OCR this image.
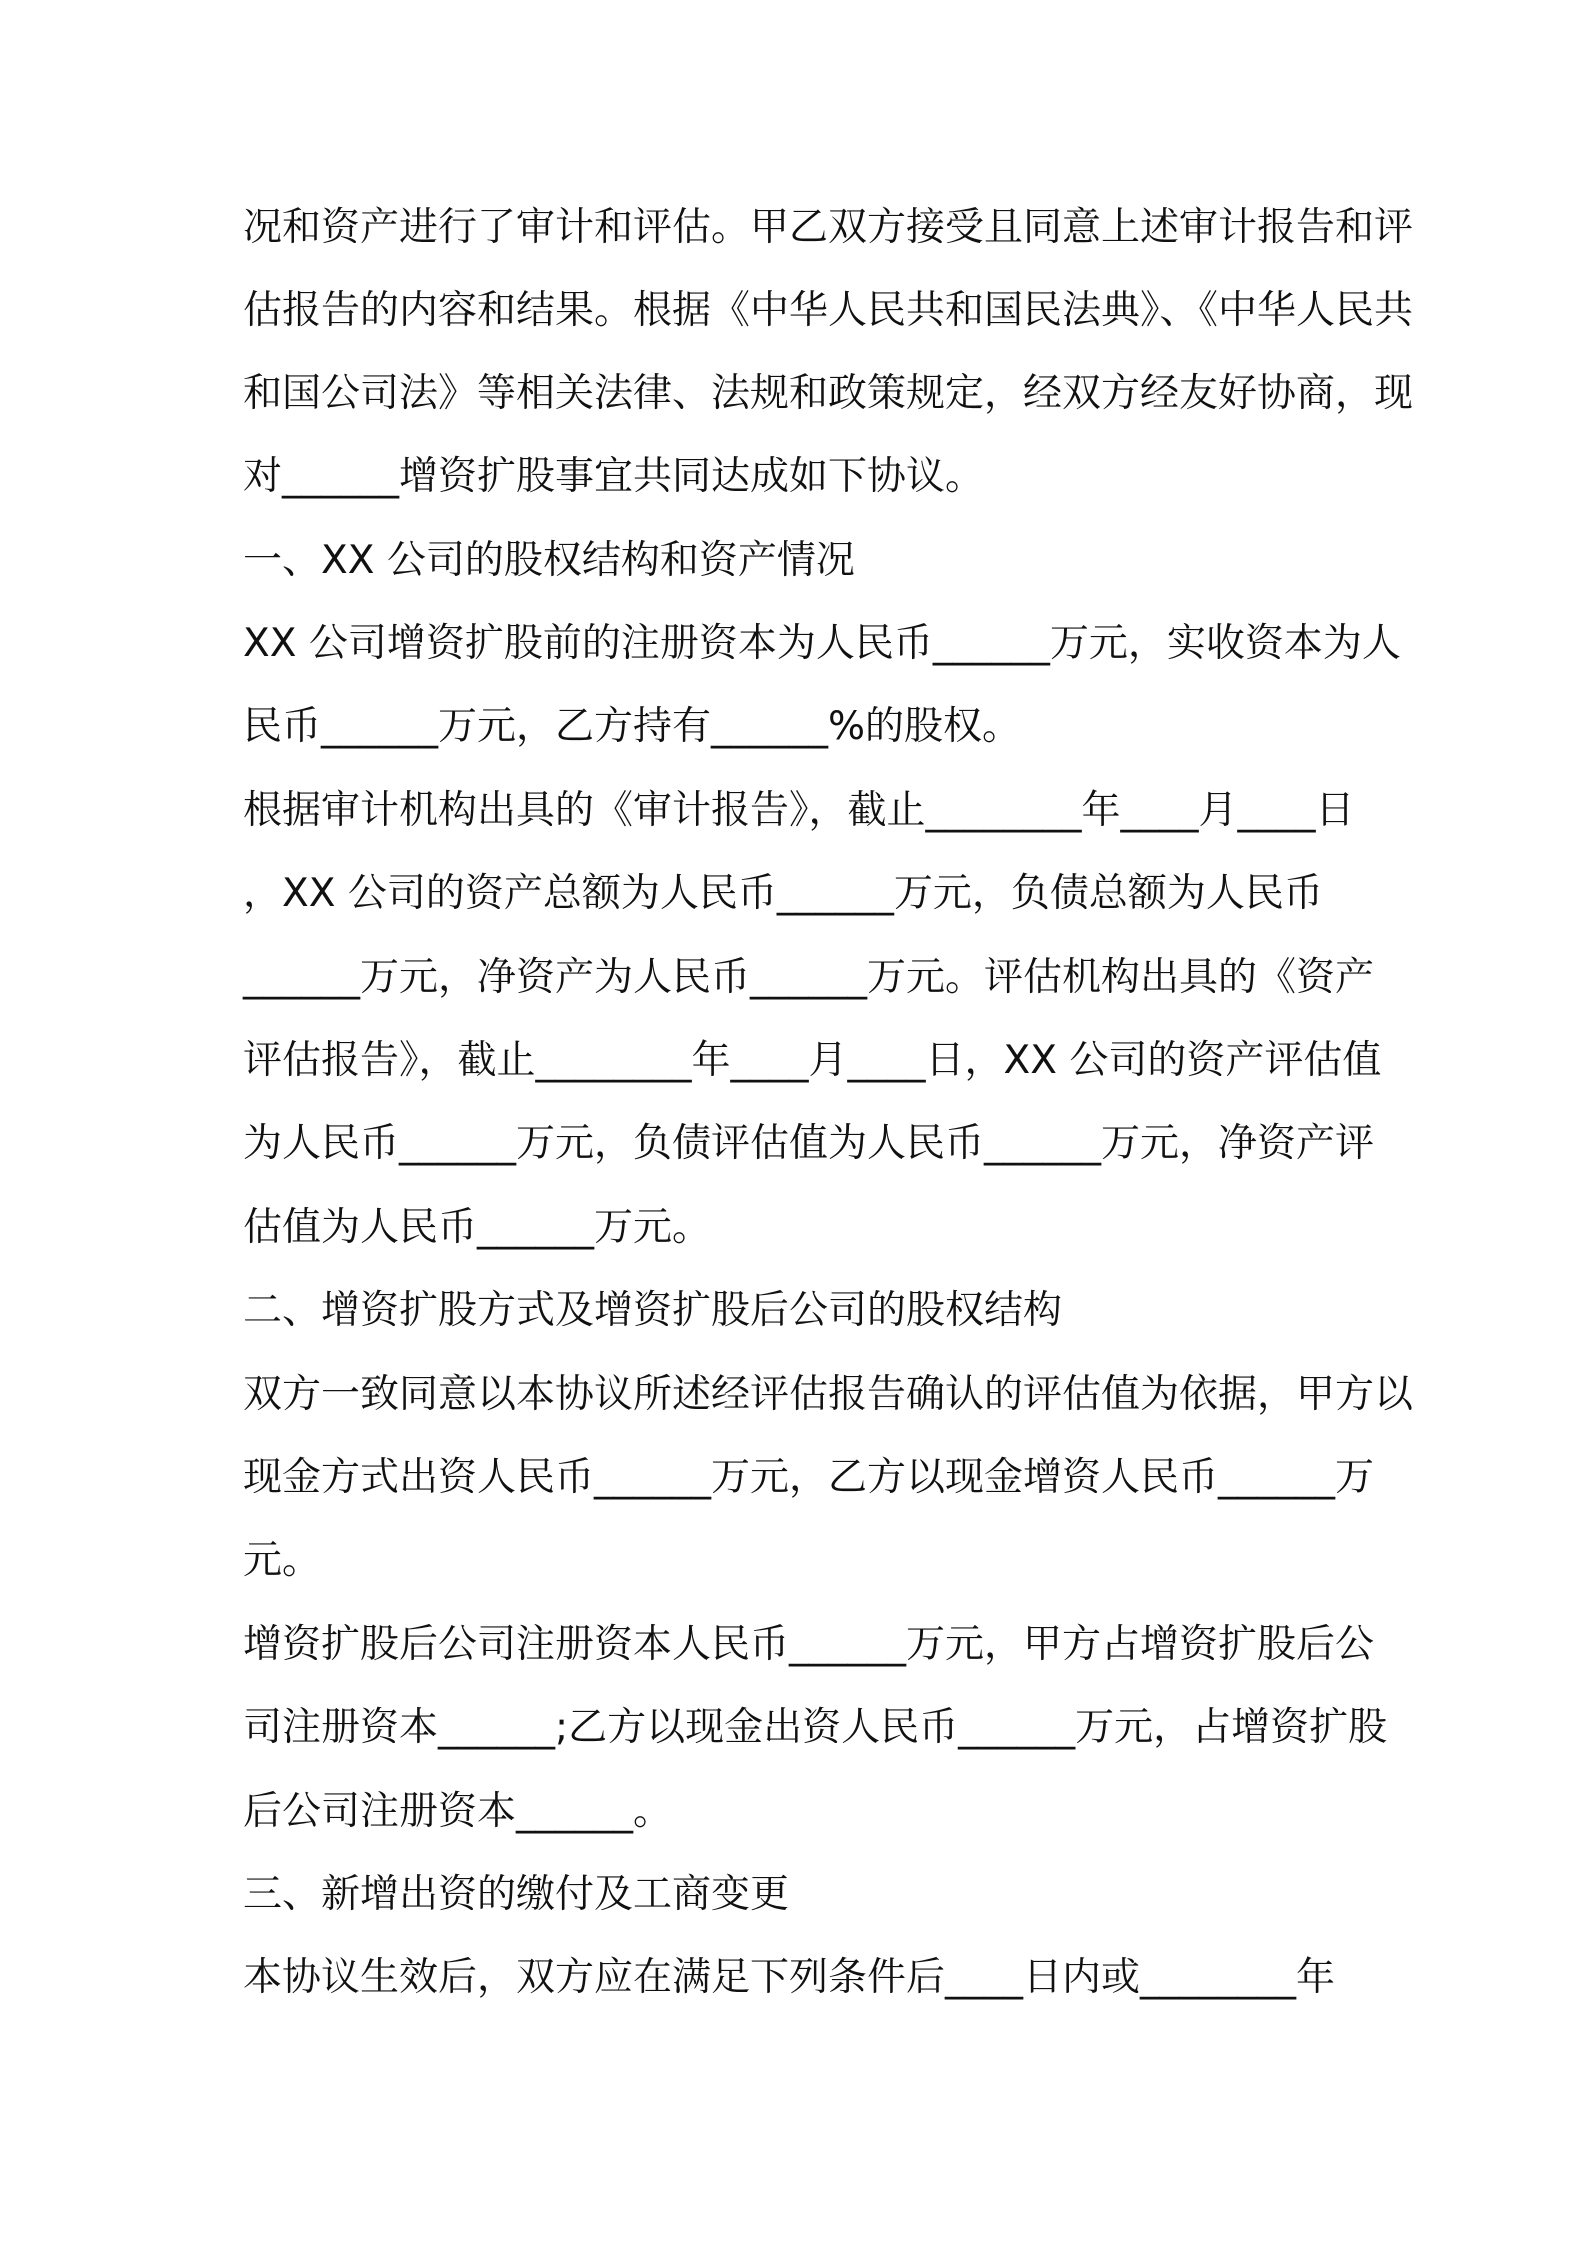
况和资产进行了审计和评估。甲乙双方接受且同意上述审计报告和评
估报告的内容和结果。根据《中华人民共和国民法典》、《中华人民共
和国公司法》等相关法律、法规和政策规定，经双方经友好协商，现
对______增资扩股事宜共同达成如下协议。
一、XX 公司的股权结构和资产情况
XX 公司增资扩股前的注册资本为人民币______万元，实收资本为人
民币______万元，乙方持有______%的股权。
根据审计机构出具的《审计报告》，截止________年____月____日
，XX 公司的资产总额为人民币______万元，负债总额为人民币
______万元，净资产为人民币______万元。评估机构出具的《资产
评估报告》，截止________年____月____日，XX 公司的资产评估值
为人民币______万元，负债评估值为人民币______万元，净资产评
估值为人民币______万元。
二、增资扩股方式及增资扩股后公司的股权结构
双方一致同意以本协议所述经评估报告确认的评估值为依据，甲方以
现金方式出资人民币______万元，乙方以现金增资人民币______万
元。
增资扩股后公司注册资本人民币______万元，甲方占增资扩股后公
司注册资本______;乙方以现金出资人民币______万元，占增资扩股
后公司注册资本______。
三、新增出资的缴付及工商变更
本协议生效后，双方应在满足下列条件后____日内或________年
